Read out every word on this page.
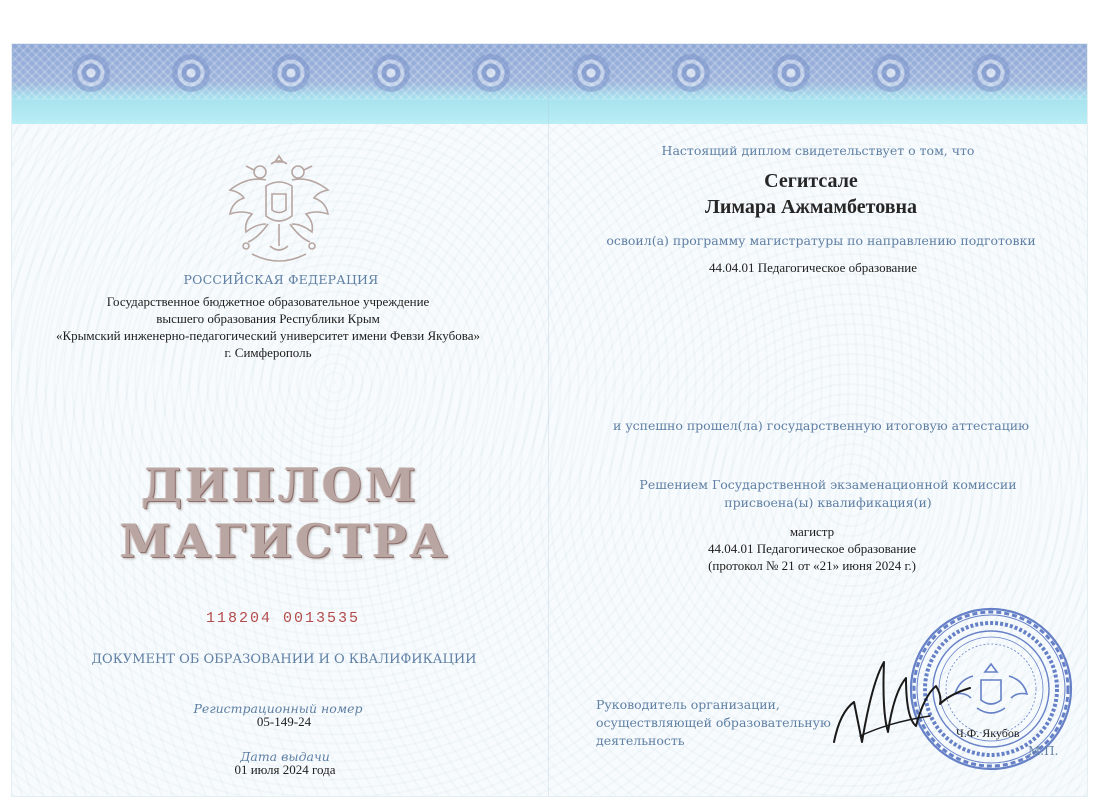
РОССИЙСКАЯ ФЕДЕРАЦИЯ
Государственное бюджетное образовательное учреждение
высшего образования Республики Крым
«Крымский инженерно-педагогический университет имени Февзи Якубова»
г. Симферополь
ДИПЛОМ
МАГИСТРА
118204 0013535
ДОКУМЕНТ ОБ ОБРАЗОВАНИИ И О КВАЛИФИКАЦИИ
Регистрационный номер
05-149-24
Дата выдачи
01 июля 2024 года
Настоящий диплом свидетельствует о том, что
Сегитсале
Лимара Ажмамбетовна
освоил(а) программу магистратуры по направлению подготовки
44.04.01 Педагогическое образование
и успешно прошел(ла) государственную итоговую аттестацию
Решением Государственной экзаменационной комиссии
присвоена(ы) квалификация(и)
магистр
44.04.01 Педагогическое образование
(протокол № 21 от «21» июня 2024 г.)
Руководитель организации,
осуществляющей образовательную
деятельность	Ч.Ф. Якубов
М.П.
